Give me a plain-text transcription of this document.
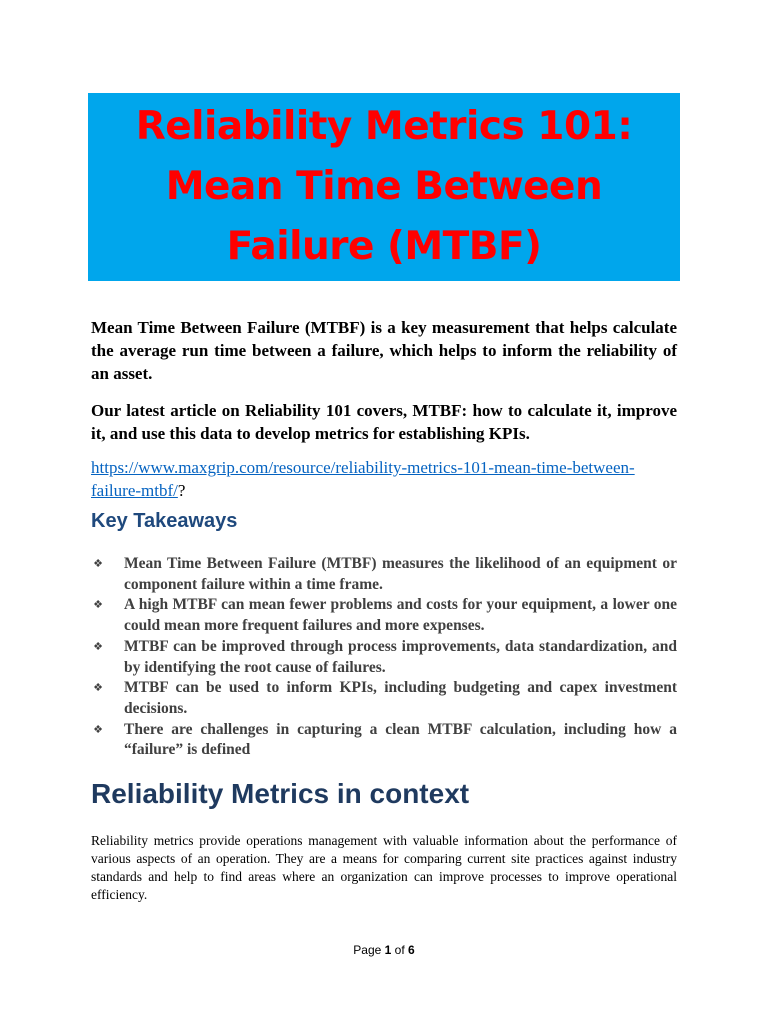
Reliability Metrics 101:
Mean Time Between
Failure (MTBF)

Mean Time Between Failure (MTBF) is a key measurement that helps calculate the average run time between a failure, which helps to inform the reliability of an asset.

Our latest article on Reliability 101 covers, MTBF: how to calculate it, improve it, and use this data to develop metrics for establishing KPIs.

https://www.maxgrip.com/resource/reliability-metrics-101-mean-time-between-failure-mtbf/?

Key Takeaways
❖ Mean Time Between Failure (MTBF) measures the likelihood of an equipment or component failure within a time frame.
❖ A high MTBF can mean fewer problems and costs for your equipment, a lower one could mean more frequent failures and more expenses.
❖ MTBF can be improved through process improvements, data standardization, and by identifying the root cause of failures.
❖ MTBF can be used to inform KPIs, including budgeting and capex investment decisions.
❖ There are challenges in capturing a clean MTBF calculation, including how a “failure” is defined
Reliability Metrics in context

Reliability metrics provide operations management with valuable information about the performance of various aspects of an operation. They are a means for comparing current site practices against industry standards and help to find areas where an organization can improve processes to improve operational efficiency.

Page 1 of 6
